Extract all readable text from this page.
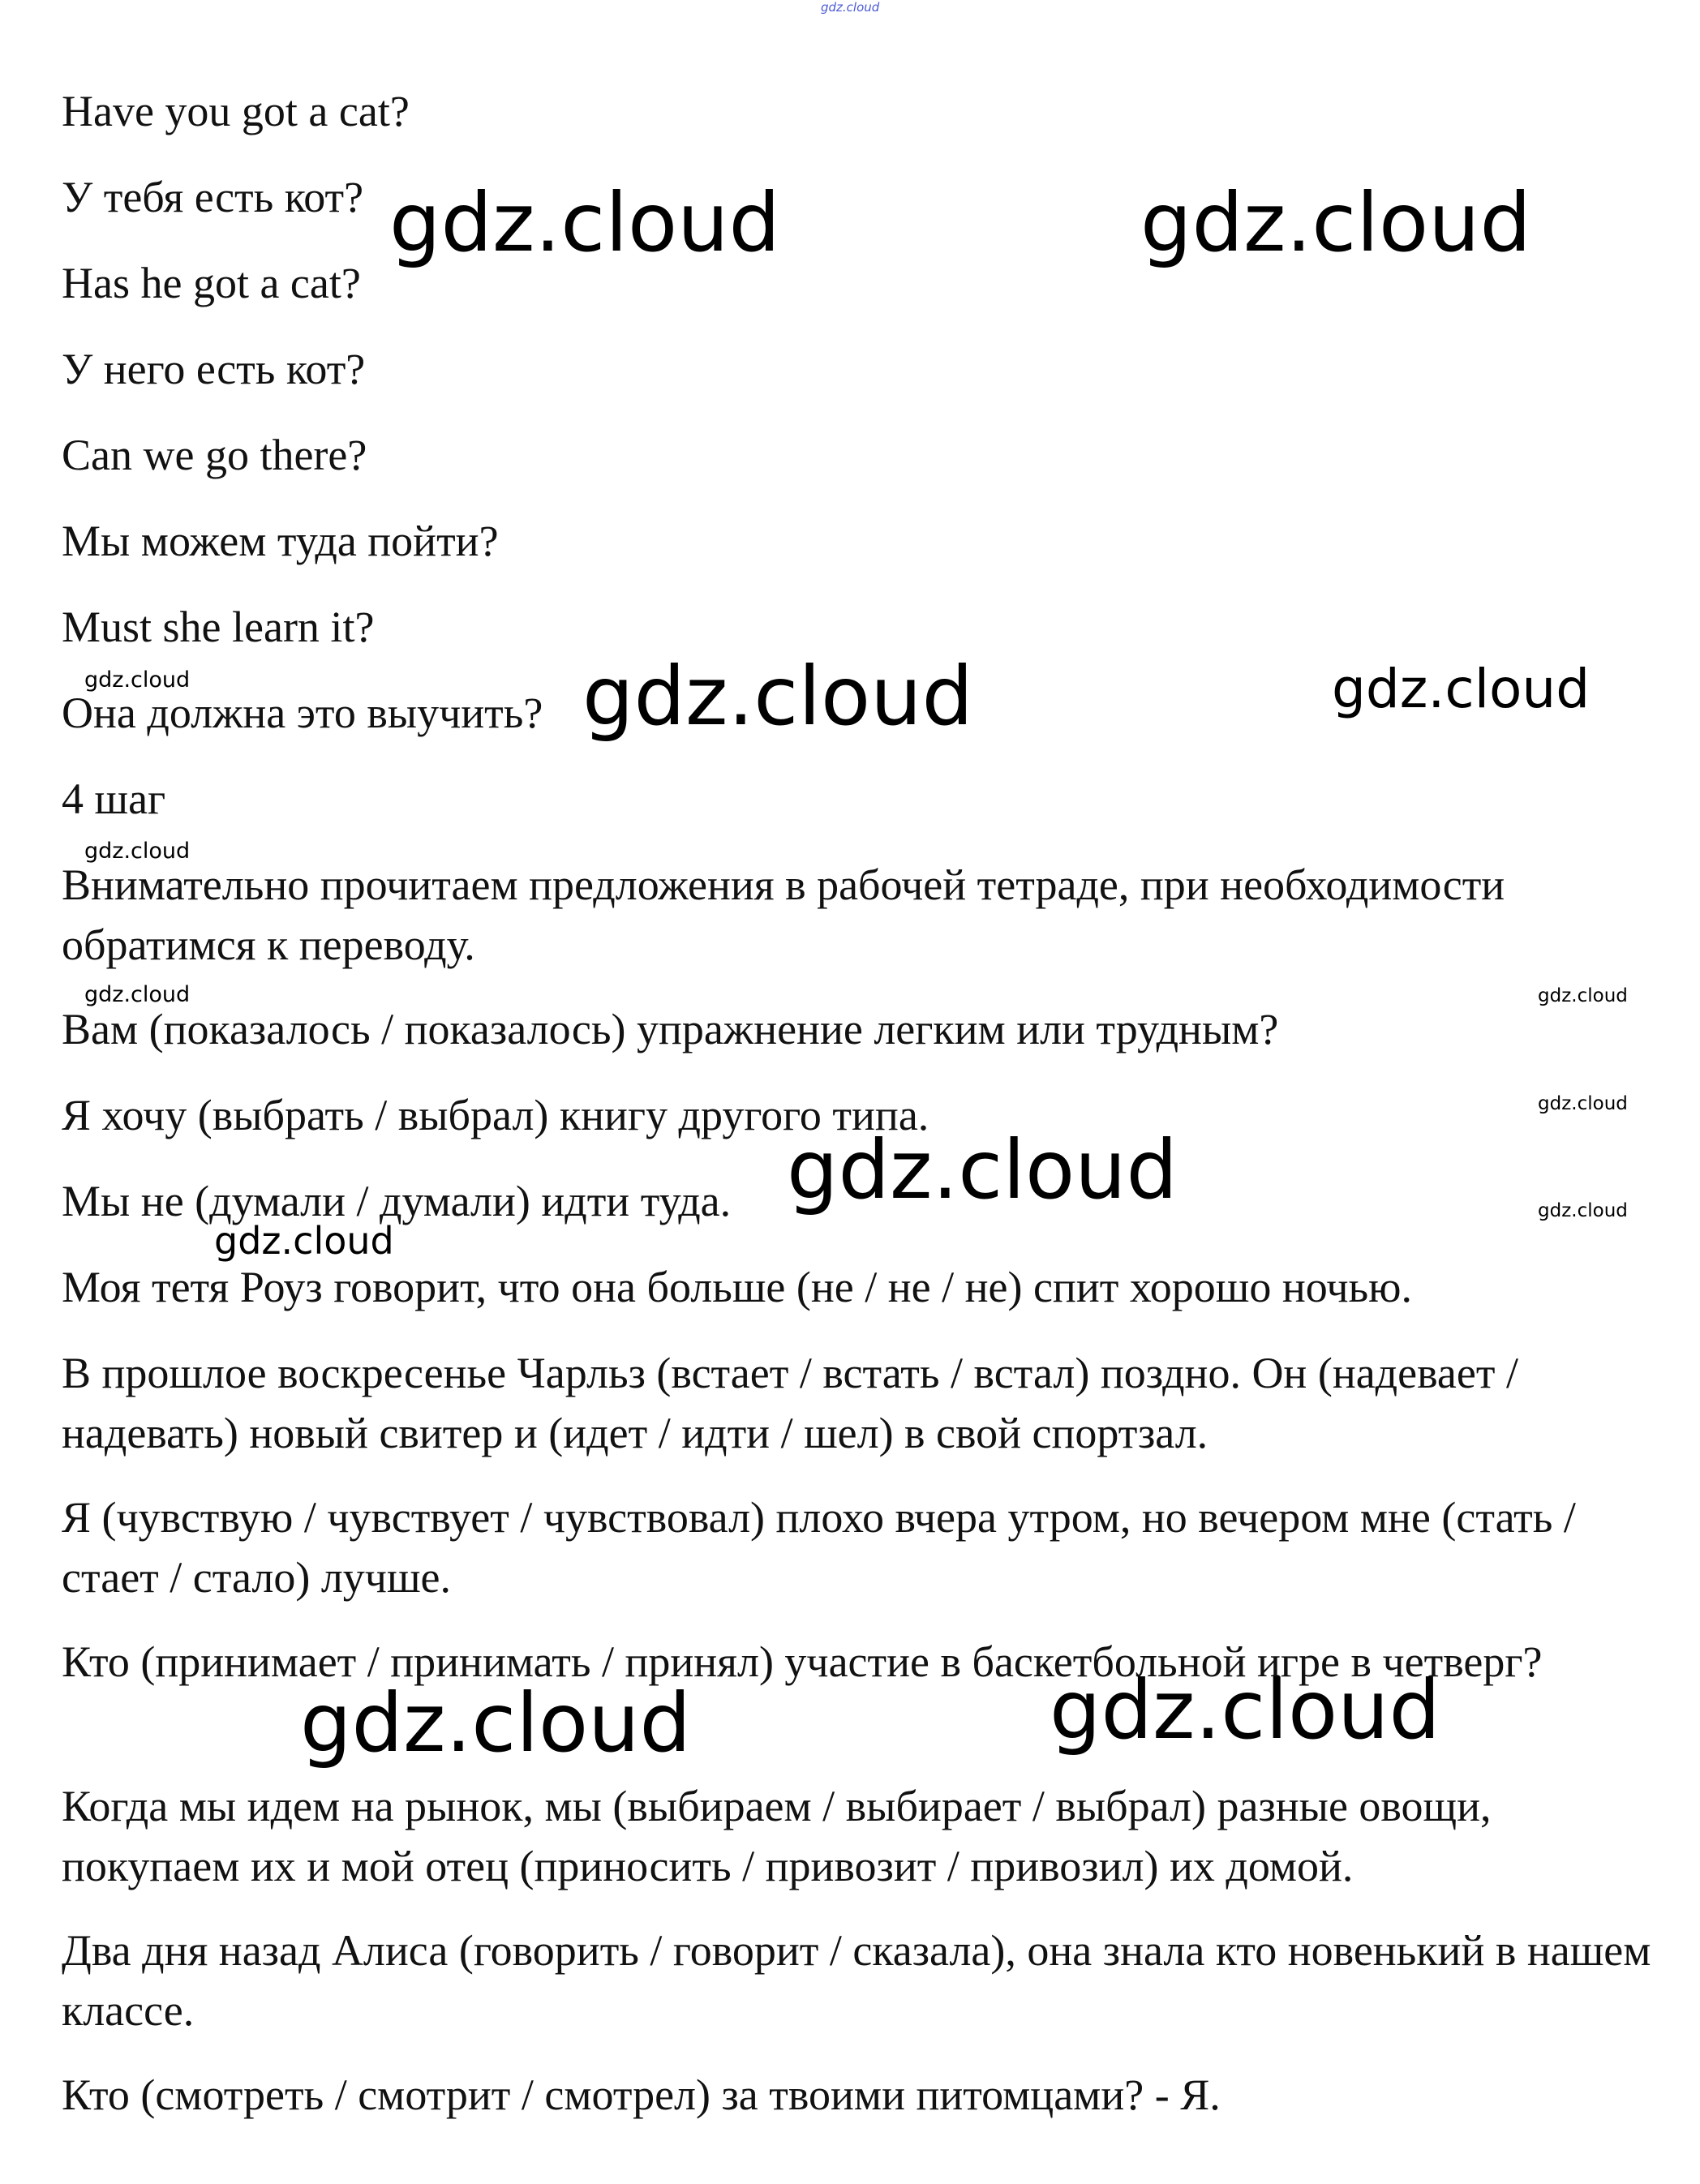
gdz.cloud

Have you got a cat?

У тебя есть кот?

Has he got a cat?

У него есть кот?

Can we go there?

Мы можем туда пойти?

Must she learn it?

Она должна это выучить?

4 шаг

Внимательно прочитаем предложения в рабочей тетраде, при необходимости обратимся к переводу.

Вам (показалось / показалось) упражнение легким или трудным?

Я хочу (выбрать / выбрал) книгу другого типа.

Мы не (думали / думали) идти туда.

Моя тетя Роуз говорит, что она больше (не / не / не) спит хорошо ночью.

В прошлое воскресенье Чарльз (встает / встать / встал) поздно. Он (надевает / надевать) новый свитер и (идет / идти / шел) в свой спортзал.

Я (чувствую / чувствует / чувствовал) плохо вчера утром, но вечером мне (стать / стает / стало) лучше.

Кто (принимает / принимать / принял) участие в баскетбольной игре в четверг?

Когда мы идем на рынок, мы (выбираем / выбирает / выбрал) разные овощи, покупаем их и мой отец (приносить / привозит / привозил) их домой.

Два дня назад Алиса (говорить / говорит / сказала), она знала кто новенький в нашем классе.

Кто (смотреть / смотрит / смотрел) за твоими питомцами? - Я.

gdz.cloud	gdz.cloud
gdz.cloud	gdz.cloud
gdz.cloud
gdz.cloud
gdz.cloud	gdz.cloud
gdz.cloud
gdz.cloud
gdz.cloud	gdz.cloud
gdz.cloud
gdz.cloud
